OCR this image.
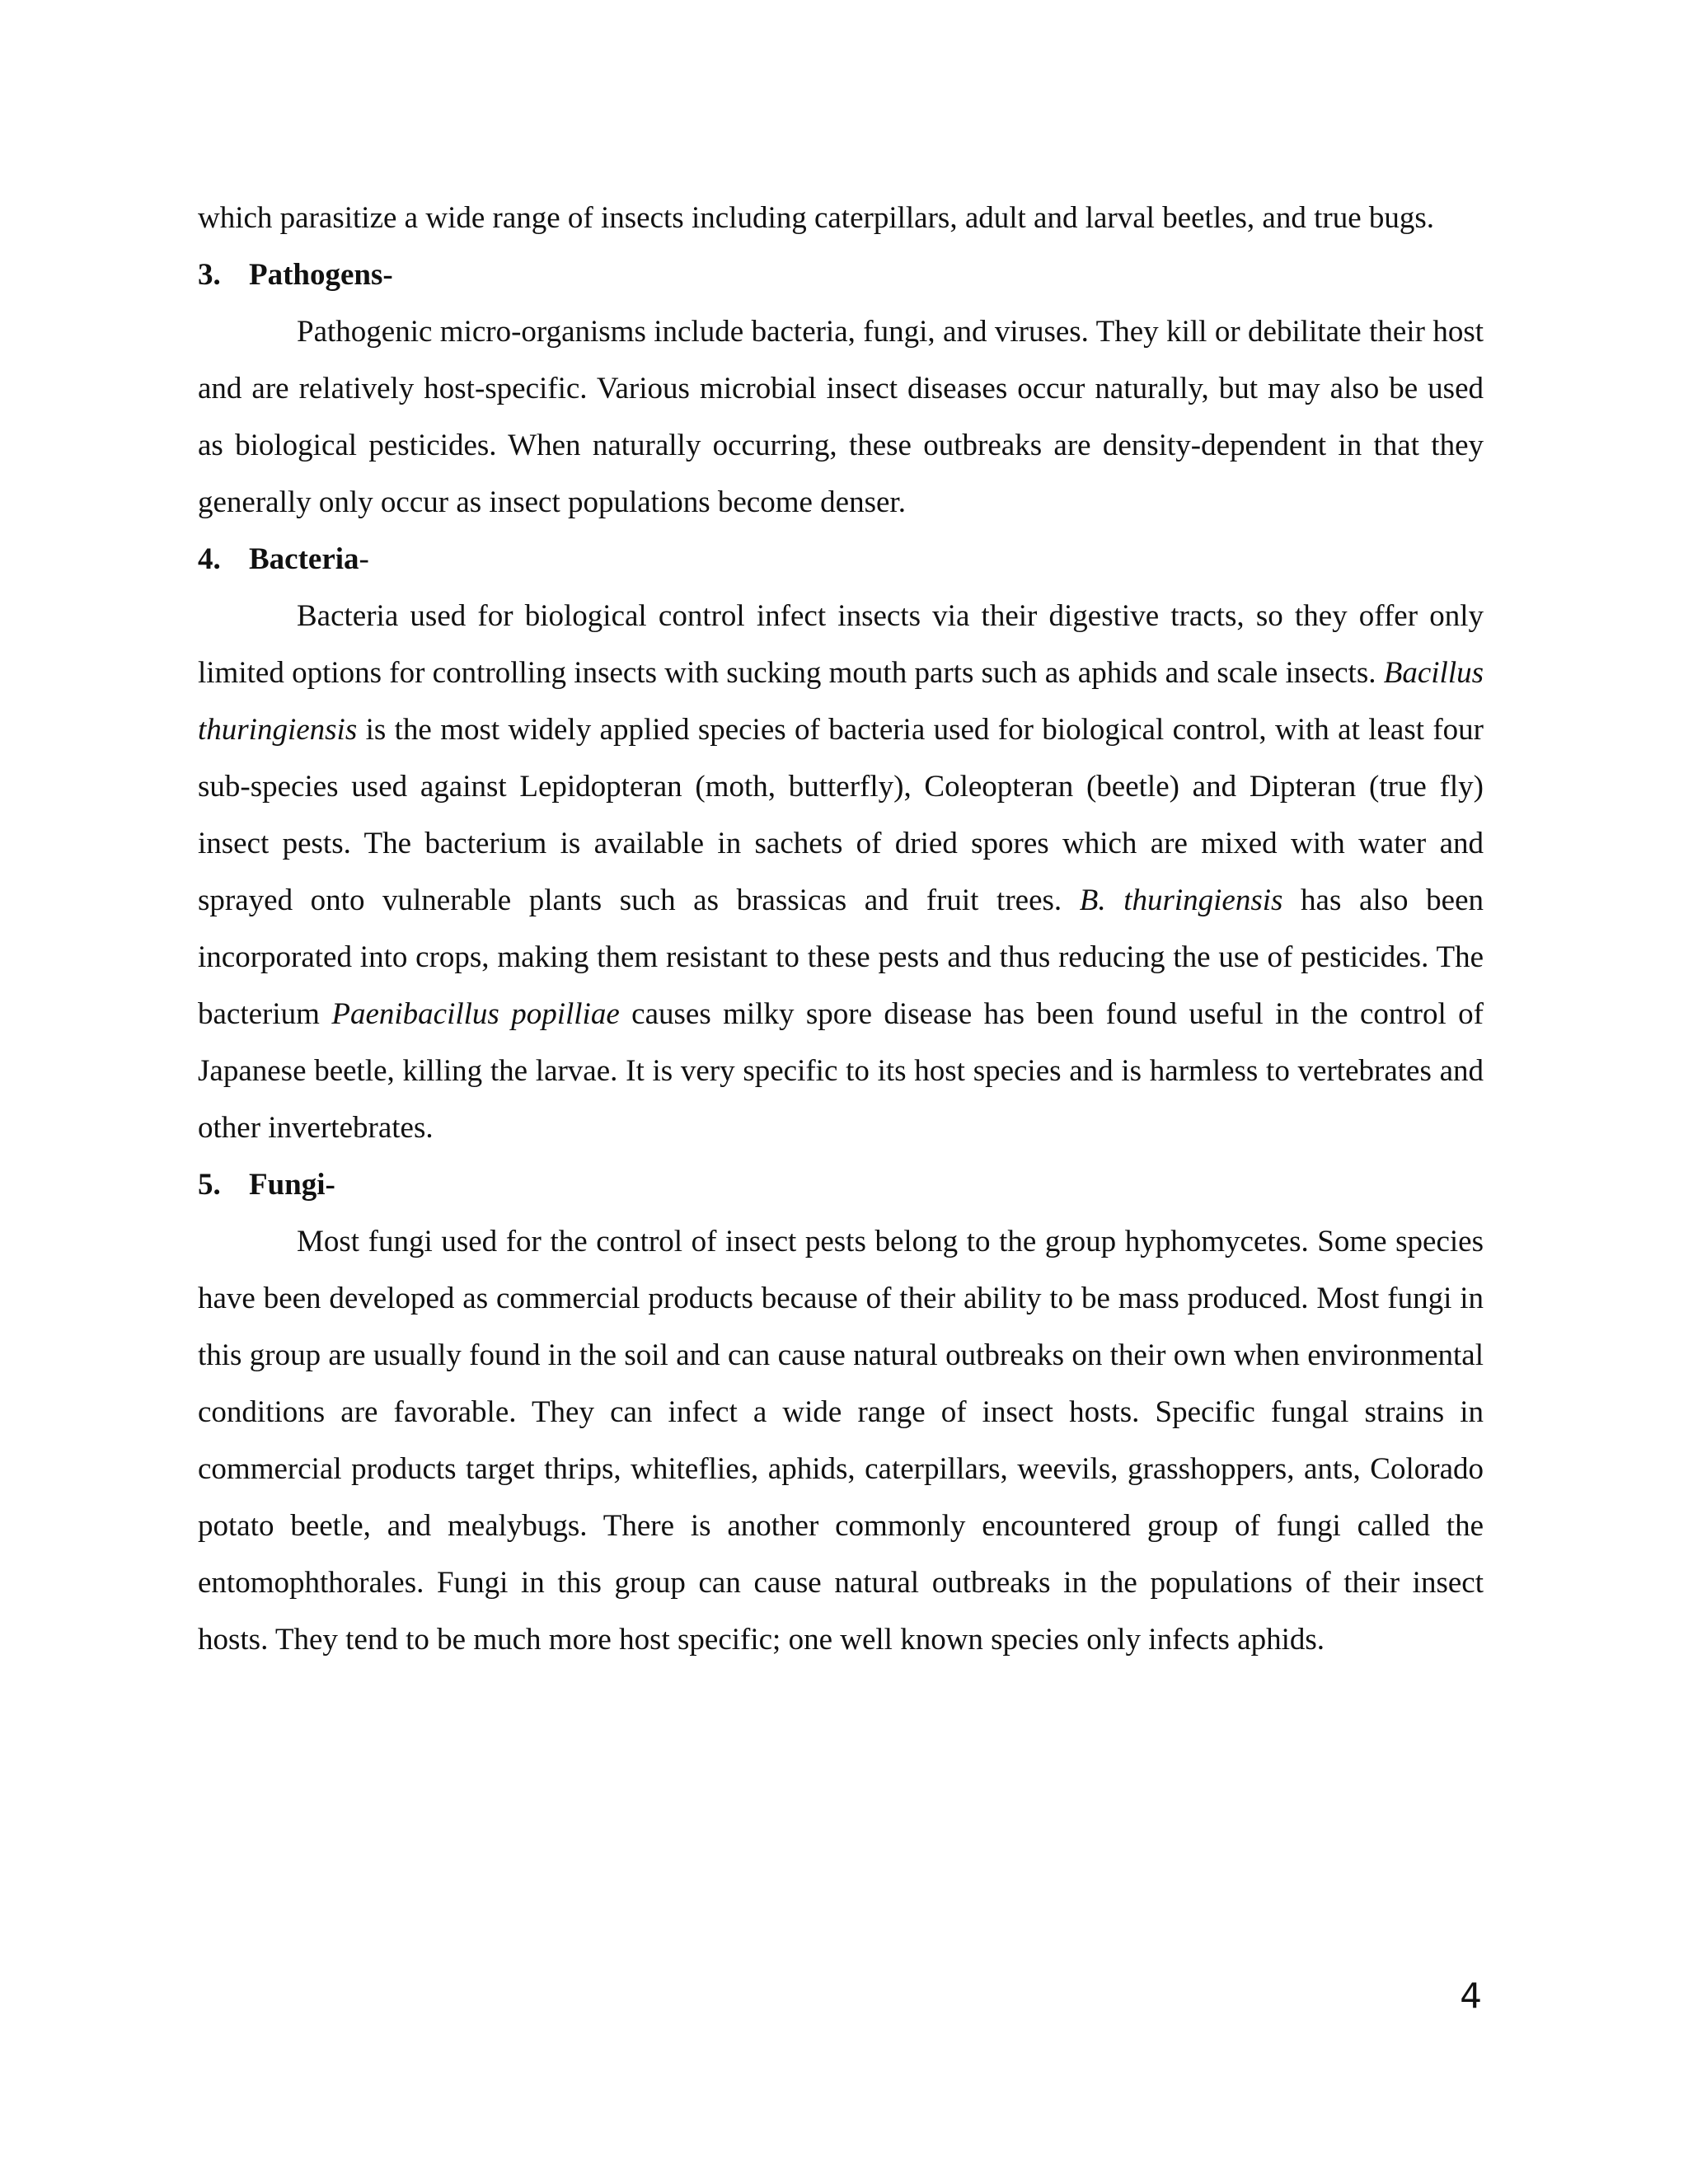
which parasitize a wide range of insects including caterpillars, adult and larval beetles, and true bugs.

3. Pathogens-

Pathogenic micro-organisms include bacteria, fungi, and viruses. They kill or debilitate their host and are relatively host-specific. Various microbial insect diseases occur naturally, but may also be used as biological pesticides. When naturally occurring, these outbreaks are density-dependent in that they generally only occur as insect populations become denser.

4. Bacteria-

Bacteria used for biological control infect insects via their digestive tracts, so they offer only limited options for controlling insects with sucking mouth parts such as aphids and scale insects. Bacillus thuringiensis is the most widely applied species of bacteria used for biological control, with at least four sub-species used against Lepidopteran (moth, butterfly), Coleopteran (beetle) and Dipteran (true fly) insect pests. The bacterium is available in sachets of dried spores which are mixed with water and sprayed onto vulnerable plants such as brassicas and fruit trees. B. thuringiensis has also been incorporated into crops, making them resistant to these pests and thus reducing the use of pesticides. The bacterium Paenibacillus popilliae causes milky spore disease has been found useful in the control of Japanese beetle, killing the larvae. It is very specific to its host species and is harmless to vertebrates and other invertebrates.

5. Fungi-

Most fungi used for the control of insect pests belong to the group hyphomycetes. Some species have been developed as commercial products because of their ability to be mass produced. Most fungi in this group are usually found in the soil and can cause natural outbreaks on their own when environmental conditions are favorable. They can infect a wide range of insect hosts. Specific fungal strains in commercial products target thrips, whiteflies, aphids, caterpillars, weevils, grasshoppers, ants, Colorado potato beetle, and mealybugs. There is another commonly encountered group of fungi called the entomophthorales. Fungi in this group can cause natural outbreaks in the populations of their insect hosts. They tend to be much more host specific; one well known species only infects aphids.

4
